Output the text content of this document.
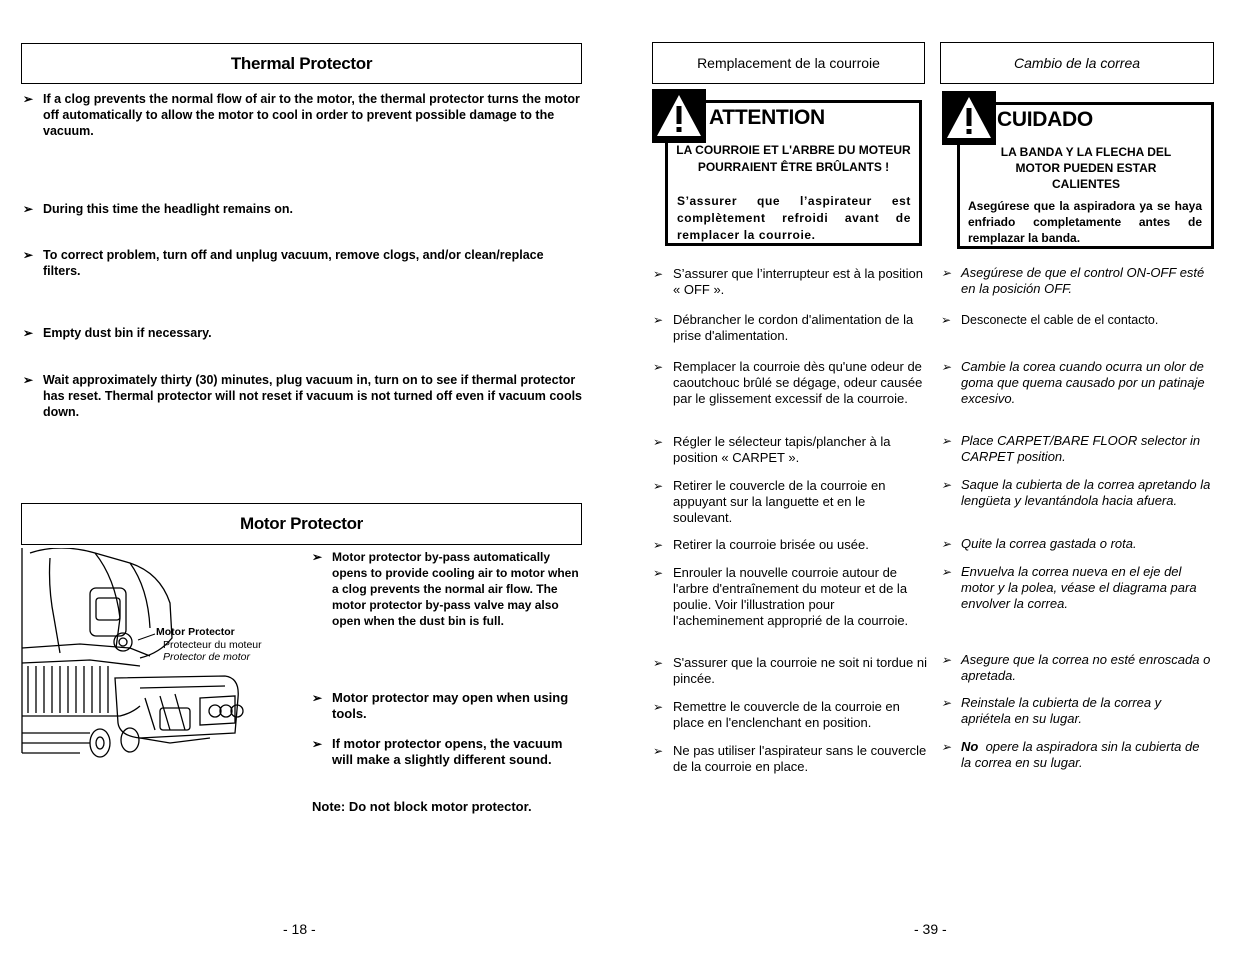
Thermal Protector
➢ If a clog prevents the normal flow of air to the motor, the thermal protector turns the motor off automatically to allow the motor to cool in order to prevent possible damage to the vacuum.
➢ During this time the headlight remains on.
➢ To correct problem, turn off and unplug vacuum, remove clogs, and/or clean/replace filters.
➢ Empty dust bin if necessary.
➢ Wait approximately thirty (30) minutes, plug vacuum in, turn on to see if thermal protector has reset. Thermal protector will not reset if vacuum is not turned off even if vacuum cools down.
Motor Protector
Motor Protector
Protecteur du moteur
Protector de motor
➢ Motor protector by-pass automatically opens to provide cooling air to motor when a clog prevents the normal air flow. The motor protector by-pass valve may also open when the dust bin is full.
➢ Motor protector may open when using tools.
➢ If motor protector opens, the vacuum will make a slightly different sound.
Note: Do not block motor protector.
- 18 -
Remplacement de la courroie
ATTENTION
LA COURROIE ET L'ARBRE DU MOTEUR POURRAIENT ÊTRE BRÛLANTS !
S’assurer que l’aspirateur est complètement refroidi avant de remplacer la courroie.
➢ S’assurer que l’interrupteur est à la position « OFF ».
➢ Débrancher le cordon d'alimentation de la prise d'alimentation.
➢ Remplacer la courroie dès qu'une odeur de caoutchouc brûlé se dégage, odeur causée par le glissement excessif de la courroie.
➢ Régler le sélecteur tapis/plancher à la position « CARPET ».
➢ Retirer le couvercle de la courroie en appuyant sur la languette et en le soulevant.
➢ Retirer la courroie brisée ou usée.
➢ Enrouler la nouvelle courroie autour de l'arbre d'entraînement du moteur et de la poulie. Voir l'illustration pour l'acheminement approprié de la courroie.
➢ S'assurer que la courroie ne soit ni tordue ni pincée.
➢ Remettre le couvercle de la courroie en place en l'enclenchant en position.
➢ Ne pas utiliser l'aspirateur sans le couvercle de la courroie en place.
Cambio de la correa
CUIDADO
LA BANDA Y LA FLECHA DEL MOTOR PUEDEN ESTAR CALIENTES
Asegúrese que la aspiradora ya se haya enfriado completamente antes de remplazar la banda.
➢ Asegúrese de que el control ON-OFF esté en la posición OFF.
➢ Desconecte el cable de el contacto.
➢ Cambie la corea cuando ocurra un olor de goma que quema causado por un patinaje excesivo.
➢ Place CARPET/BARE FLOOR selector in CARPET position.
➢ Saque la cubierta de la correa apretando la lengüeta y levantándola hacia afuera.
➢ Quite la correa gastada o rota.
➢ Envuelva la correa nueva en el eje del motor y la polea, véase el diagrama para envolver la correa.
➢ Asegure que la correa no esté enroscada o apretada.
➢ Reinstale la cubierta de la correa y apriétela en su lugar.
➢ No opere la aspiradora sin la cubierta de la correa en su lugar.
- 39 -
